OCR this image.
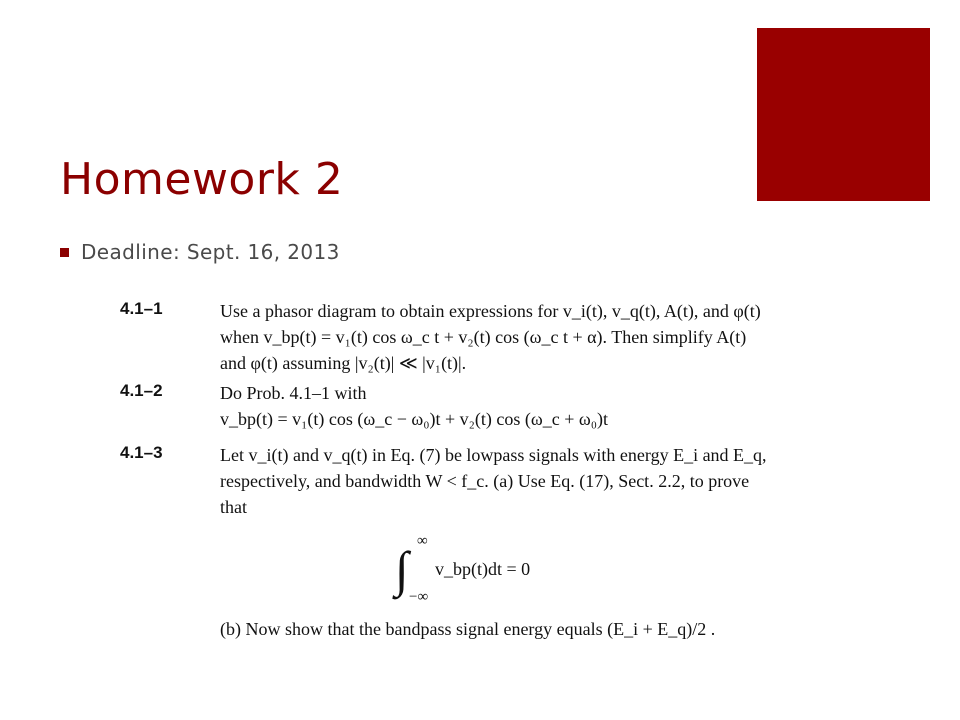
Homework 2
Deadline: Sept. 16, 2013
4.1–1	Use a phasor diagram to obtain expressions for v_i(t), v_q(t), A(t), and φ(t)
when v_bp(t) = v₁(t) cos ω_c t + v₂(t) cos (ω_c t + α). Then simplify A(t)
and φ(t) assuming |v₂(t)| ≪ |v₁(t)|.
4.1–2	Do Prob. 4.1–1 with
v_bp(t) = v₁(t) cos (ω_c − ω₀)t + v₂(t) cos (ω_c + ω₀)t
4.1–3	Let v_i(t) and v_q(t) in Eq. (7) be lowpass signals with energy E_i and E_q,
respectively, and bandwidth W < f_c. (a) Use Eq. (17), Sect. 2.2, to prove
that
∫ ∞
−∞
v_bp(t)dt = 0
(b) Now show that the bandpass signal energy equals (E_i + E_q)/2 .
